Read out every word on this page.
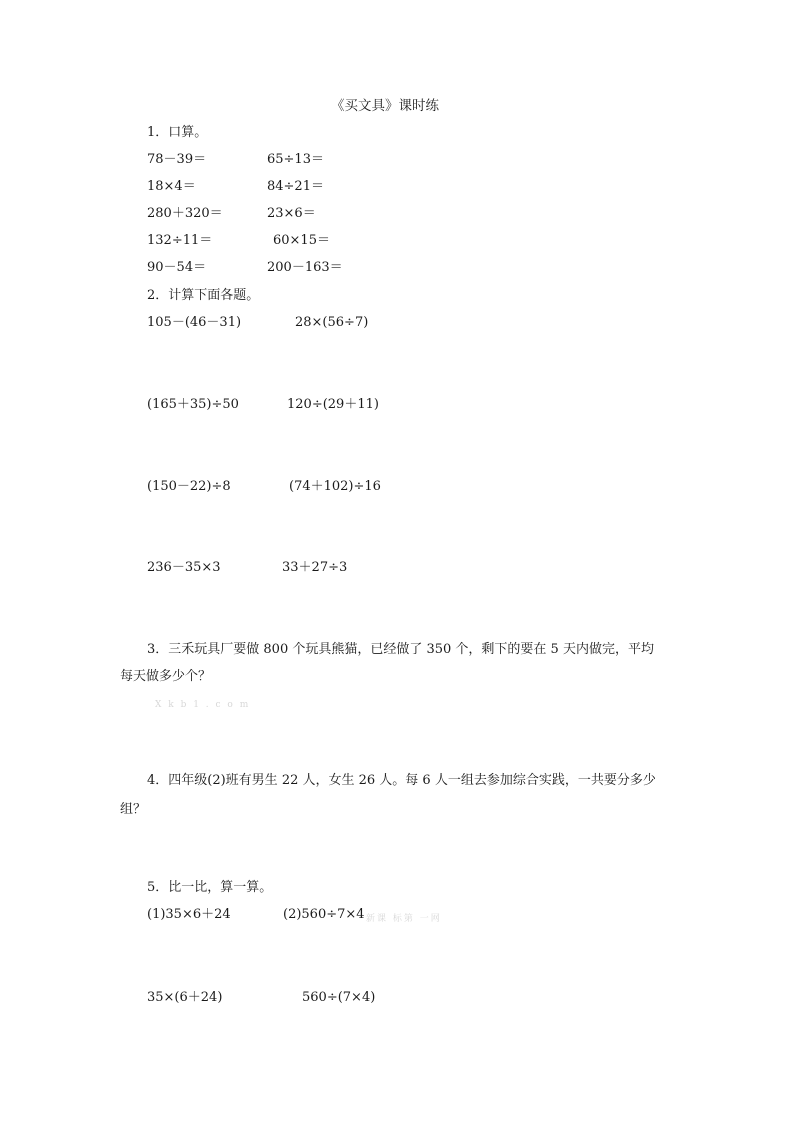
《买文具》课时练
1．口算。
78－39＝	65÷13＝
18×4＝	84÷21＝
280＋320＝	23×6＝
132÷11＝	60×15＝
90－54＝	200－163＝
2．计算下面各题。
105－(46－31)	28×(56÷7)
(165＋35)÷50	120÷(29＋11)
(150－22)÷8	(74＋102)÷16
236－35×3	33＋27÷3
3．三禾玩具厂要做 800 个玩具熊猫，已经做了 350 个，剩下的要在 5 天内做完，平均
每天做多少个？
X k b 1 . c o m
4．四年级(2)班有男生 22 人，女生 26 人。每 6 人一组去参加综合实践，一共要分多少
组？
5．比一比，算一算。
(1)35×6＋24	(2)560÷7×4 新课 标第 一网
35×(6＋24)	560÷(7×4)
